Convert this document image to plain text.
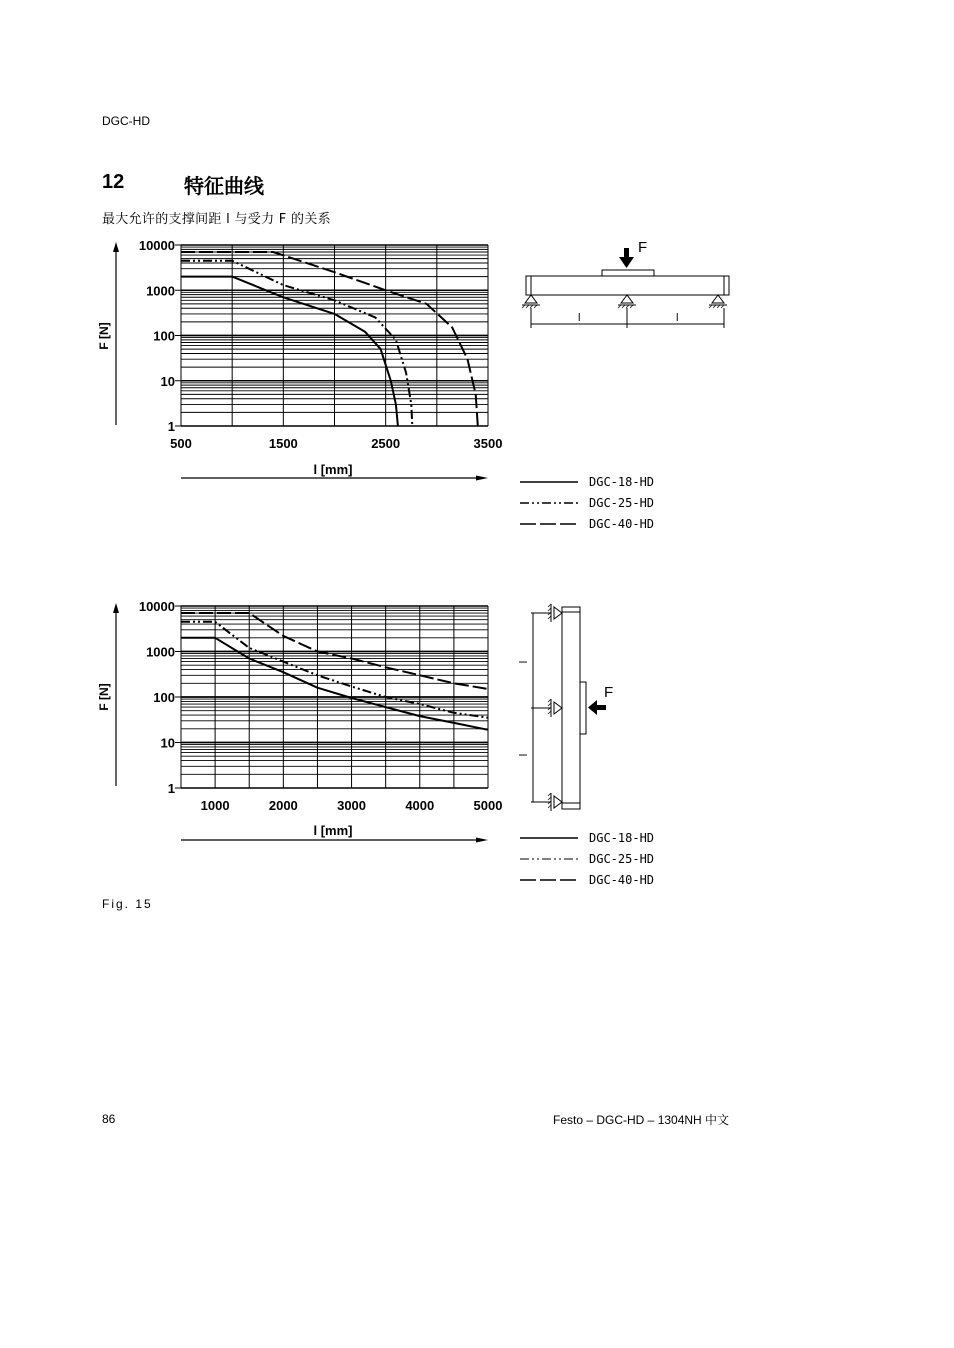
DGC-HD
12	特征曲线
最大允许的支撑间距 l 与受力 F 的关系
F [N]
l [mm]
1
10
100
1000
10000
500	1500	2500	3500
F
l	l
DGC-18-HD
DGC-25-HD
DGC-40-HD
F [N]
l [mm]
1
10
100
1000
10000
1000	2000	3000	4000	5000
F
l
l
DGC-18-HD
DGC-25-HD
DGC-40-HD
Fig. 15
86	Festo – DGC-HD – 1304NH 中文
